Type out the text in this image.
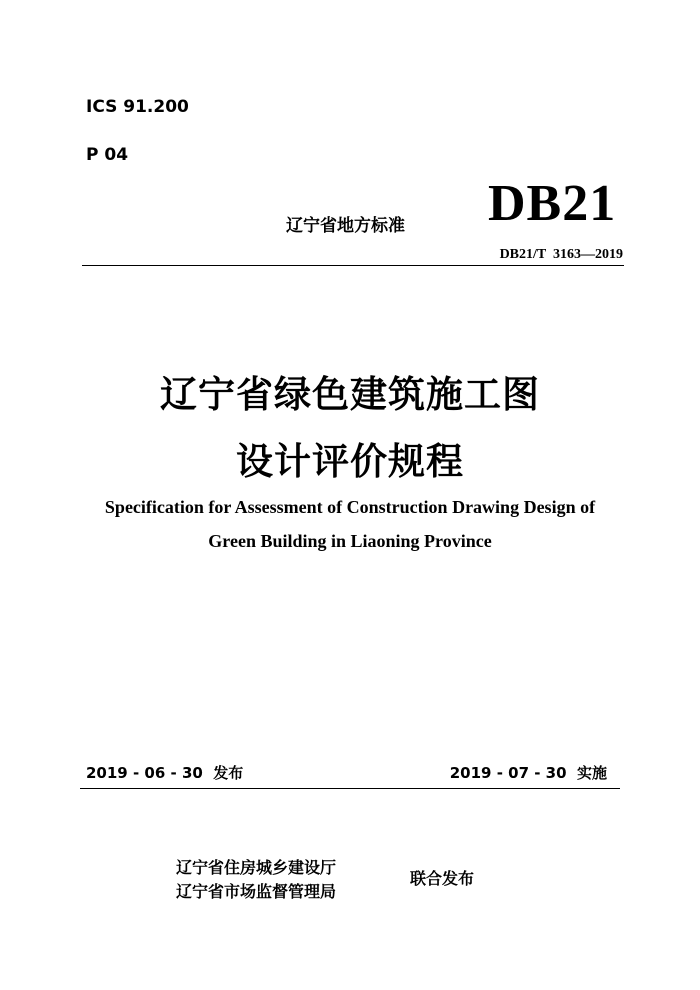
ICS 91.200
P 04
辽宁省地方标准 DB21
DB21/T  3163—2019
辽宁省绿色建筑施工图
设计评价规程
Specification for Assessment of Construction Drawing Design of
Green Building in Liaoning Province
2019 - 06 - 30  发布	2019 - 07 - 30  实施
辽宁省住房城乡建设厅
辽宁省市场监督管理局
联合发布
